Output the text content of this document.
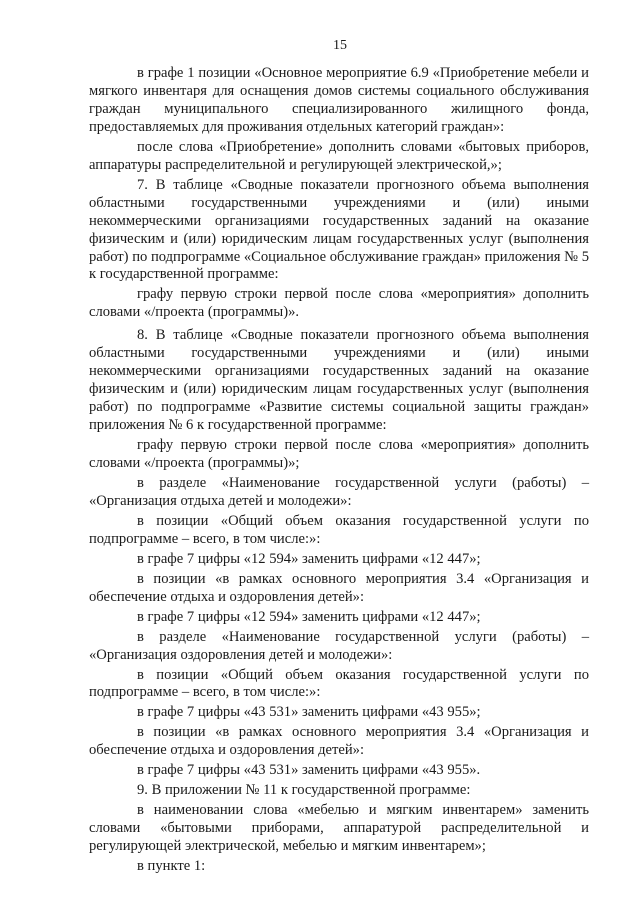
15

в графе 1 позиции «Основное мероприятие 6.9 «Приобретение мебели и мягкого инвентаря для оснащения домов системы социального обслуживания граждан муниципального специализированного жилищного фонда, предоставляемых для проживания отдельных категорий граждан»:

после слова «Приобретение» дополнить словами «бытовых приборов, аппаратуры распределительной и регулирующей электрической,»;

7. В таблице «Сводные показатели прогнозного объема выполнения областными государственными учреждениями и (или) иными некоммерческими организациями государственных заданий на оказание физическим и (или) юридическим лицам государственных услуг (выполнения работ) по подпрограмме «Социальное обслуживание граждан» приложения № 5 к государственной программе:

графу первую строки первой после слова «мероприятия» дополнить словами «/проекта (программы)».

8. В таблице «Сводные показатели прогнозного объема выполнения областными государственными учреждениями и (или) иными некоммерческими организациями государственных заданий на оказание физическим и (или) юридическим лицам государственных услуг (выполнения работ) по подпрограмме «Развитие системы социальной защиты граждан» приложения № 6 к государственной программе:

графу первую строки первой после слова «мероприятия» дополнить словами «/проекта (программы)»;

в разделе «Наименование государственной услуги (работы) – «Организация отдыха детей и молодежи»:

в позиции «Общий объем оказания государственной услуги по подпрограмме – всего, в том числе:»:

в графе 7 цифры «12 594» заменить цифрами «12 447»;

в позиции «в рамках основного мероприятия 3.4 «Организация и обеспечение отдыха и оздоровления детей»:

в графе 7 цифры «12 594» заменить цифрами «12 447»;

в разделе «Наименование государственной услуги (работы) – «Организация оздоровления детей и молодежи»:

в позиции «Общий объем оказания государственной услуги по подпрограмме – всего, в том числе:»:

в графе 7 цифры «43 531» заменить цифрами «43 955»;

в позиции «в рамках основного мероприятия 3.4 «Организация и обеспечение отдыха и оздоровления детей»:

в графе 7 цифры «43 531» заменить цифрами «43 955».

9. В приложении № 11 к государственной программе:

в наименовании слова «мебелью и мягким инвентарем» заменить словами «бытовыми приборами, аппаратурой распределительной и регулирующей электрической, мебелью и мягким инвентарем»;

в пункте 1:
